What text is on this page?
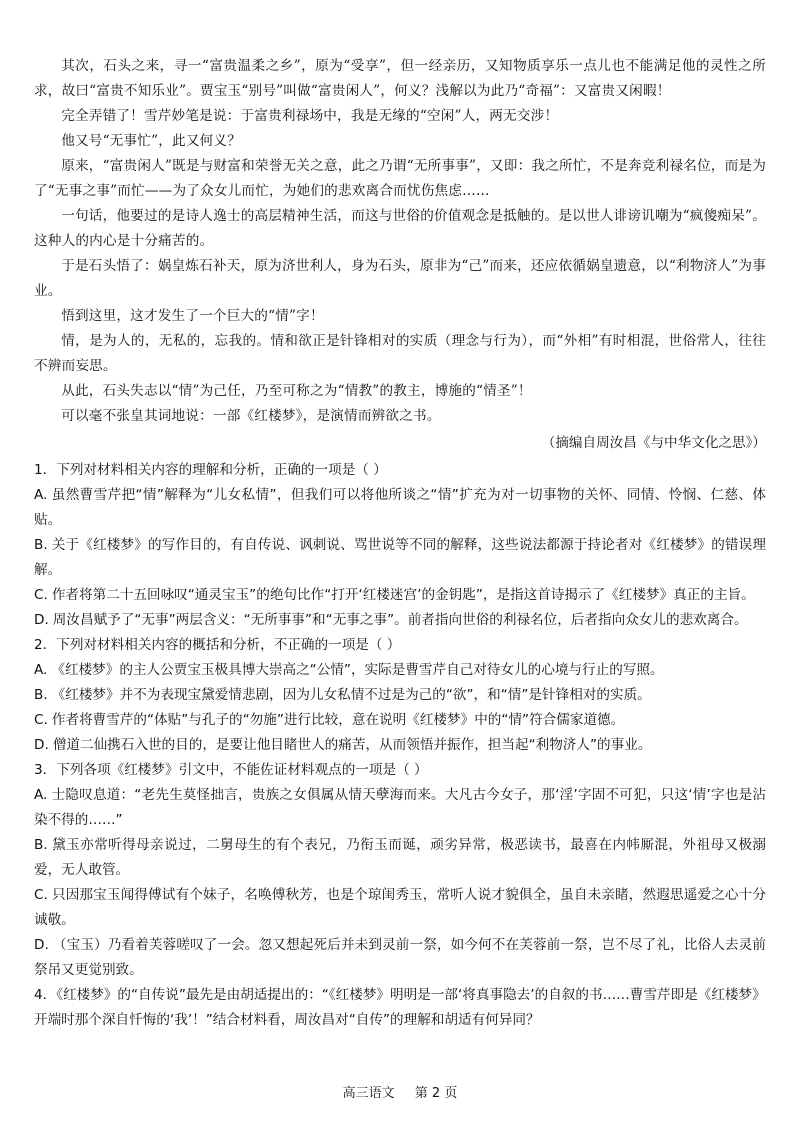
其次，石头之来，寻一“富贵温柔之乡”，原为“受享”，但一经亲历，又知物质享乐一点儿也不能满足他的灵性之所求，故曰“富贵不知乐业”。贾宝玉“别号”叫做“富贵闲人”，何义？浅解以为此乃“奇福”：又富贵又闲暇！

完全弄错了！雪芹妙笔是说：于富贵利禄场中，我是无缘的“空闲”人，两无交涉！

他又号“无事忙”，此又何义？

原来，“富贵闲人”既是与财富和荣誉无关之意，此之乃谓“无所事事”，又即：我之所忙，不是奔竞利禄名位，而是为了“无事之事”而忙——为了众女儿而忙，为她们的悲欢离合而忧伤焦虑……

一句话，他要过的是诗人逸士的高层精神生活，而这与世俗的价值观念是抵触的。是以世人诽谤讥嘲为“疯傻痴呆”。这种人的内心是十分痛苦的。

于是石头悟了：娲皇炼石补天，原为济世利人，身为石头，原非为“己”而来，还应依循娲皇遗意，以“利物济人”为事业。

悟到这里，这才发生了一个巨大的“情”字！

情，是为人的，无私的，忘我的。情和欲正是针锋相对的实质（理念与行为），而“外相”有时相混，世俗常人，往往不辨而妄思。

从此，石头失志以“情”为己任，乃至可称之为“情教”的教主，博施的“情圣”！

可以毫不张皇其词地说：一部《红楼梦》，是演情而辨欲之书。

（摘编自周汝昌《与中华文化之思》）

1．下列对材料相关内容的理解和分析，正确的一项是（ ）

A. 虽然曹雪芹把“情”解释为“儿女私情”，但我们可以将他所谈之“情”扩充为对一切事物的关怀、同情、怜悯、仁慈、体贴。

B. 关于《红楼梦》的写作目的，有自传说、讽刺说、骂世说等不同的解释，这些说法都源于持论者对《红楼梦》的错误理解。

C. 作者将第二十五回咏叹“通灵宝玉”的绝句比作“打开‘红楼迷宫’的金钥匙”，是指这首诗揭示了《红楼梦》真正的主旨。

D. 周汝昌赋予了“无事”两层含义：“无所事事”和“无事之事”。前者指向世俗的利禄名位，后者指向众女儿的悲欢离合。

2．下列对材料相关内容的概括和分析，不正确的一项是（ ）

A. 《红楼梦》的主人公贾宝玉极具博大崇高之“公情”，实际是曹雪芹自己对待女儿的心境与行止的写照。

B. 《红楼梦》并不为表现宝黛爱情悲剧，因为儿女私情不过是为己的“欲”，和“情”是针锋相对的实质。

C. 作者将曹雪芹的“体贴”与孔子的“勿施”进行比较，意在说明《红楼梦》中的“情”符合儒家道德。

D. 僧道二仙携石入世的目的，是要让他目睹世人的痛苦，从而领悟并振作，担当起“利物济人”的事业。

3．下列各项《红楼梦》引文中，不能佐证材料观点的一项是（ ）

A. 士隐叹息道：“老先生莫怪拙言，贵族之女俱属从情天孽海而来。大凡古今女子，那‘淫’字固不可犯，只这‘情’字也是沾染不得的……”

B. 黛玉亦常听得母亲说过，二舅母生的有个表兄，乃衔玉而诞，顽劣异常，极恶读书，最喜在内帏厮混，外祖母又极溺爱，无人敢管。

C. 只因那宝玉闻得傅试有个妹子，名唤傅秋芳，也是个琼闺秀玉，常听人说才貌俱全，虽自未亲睹，然遐思遥爱之心十分诚敬。

D. （宝玉）乃看着芙蓉嗟叹了一会。忽又想起死后并未到灵前一祭，如今何不在芙蓉前一祭，岂不尽了礼，比俗人去灵前祭吊又更觉别致。

4．《红楼梦》的“自传说”最先是由胡适提出的：“《红楼梦》明明是一部‘将真事隐去’的自叙的书……曹雪芹即是《红楼梦》开端时那个深自忏悔的‘我’！”结合材料看，周汝昌对“自传”的理解和胡适有何异同？

高三语文 第 2 页
